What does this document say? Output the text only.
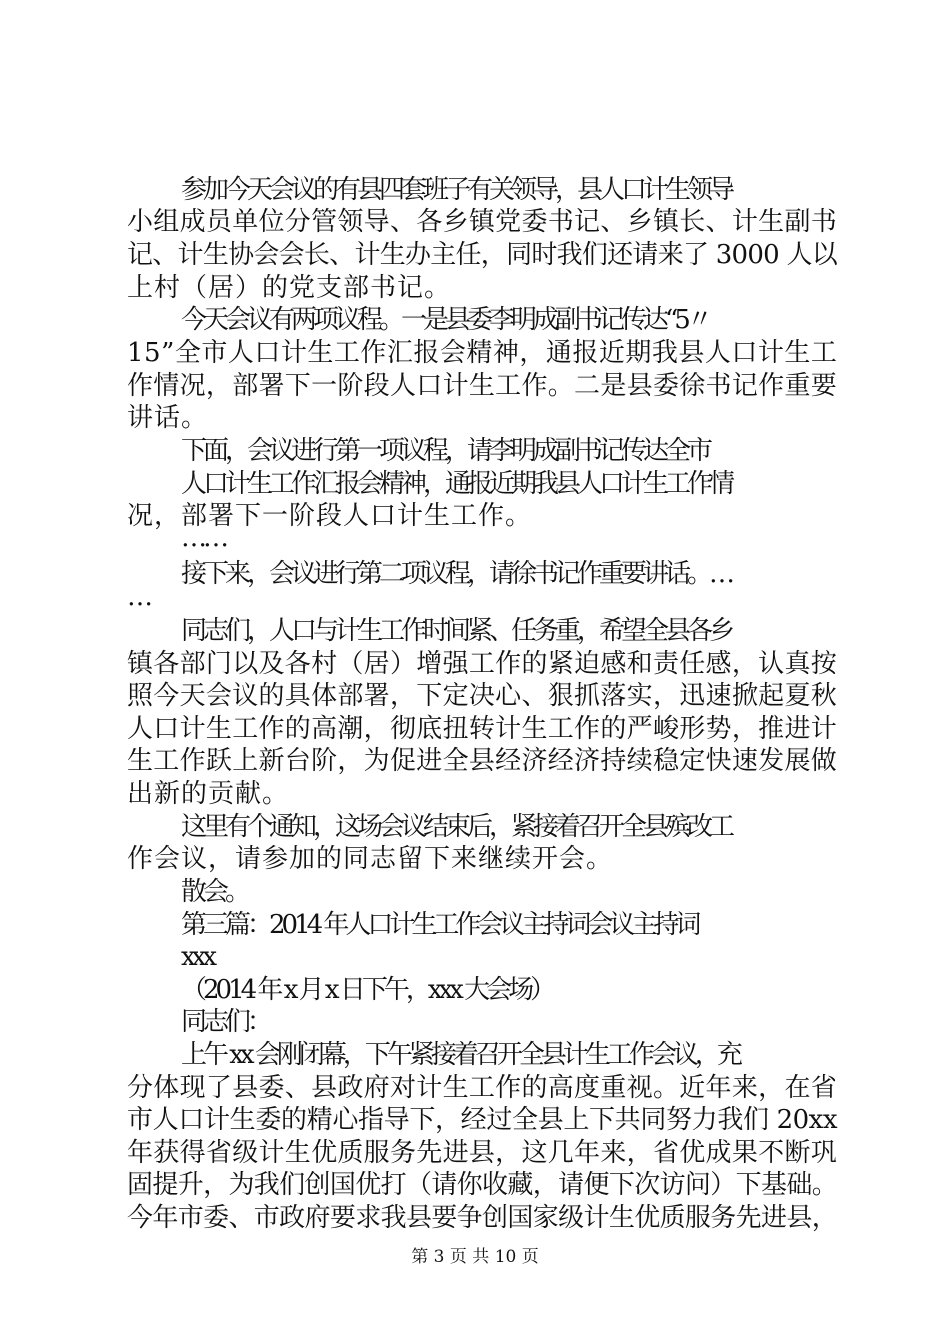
参加今天会议的有县四套班子有关领导，县人口计生领导
小组成员单位分管领导、各乡镇党委书记、乡镇长、计生副书
记、计生协会会长、计生办主任，同时我们还请来了 3000 人以
上村（居）的党支部书记。
今天会议有两项议程。一是县委李明成副书记传达“5〃
15”全市人口计生工作汇报会精神，通报近期我县人口计生工
作情况，部署下一阶段人口计生工作。二是县委徐书记作重要
讲话。
下面，会议进行第一项议程，请李明成副书记传达全市
人口计生工作汇报会精神，通报近期我县人口计生工作情
况，部署下一阶段人口计生工作。
……
接下来，会议进行第二项议程，请徐书记作重要讲话。…
…
同志们，人口与计生工作时间紧、任务重，希望全县各乡
镇各部门以及各村（居）增强工作的紧迫感和责任感，认真按
照今天会议的具体部署，下定决心、狠抓落实，迅速掀起夏秋
人口计生工作的高潮，彻底扭转计生工作的严峻形势，推进计
生工作跃上新台阶，为促进全县经济经济持续稳定快速发展做
出新的贡献。
这里有个通知，这场会议结束后，紧接着召开全县殡改工
作会议，请参加的同志留下来继续开会。
散会。
第三篇：2014 年人口计生工作会议主持词会议主持词
xxx
（2014 年 x 月 x 日下午，xxx 大会场）
同志们：
上午 xx 会刚闭幕，下午紧接着召开全县计生工作会议，充
分体现了县委、县政府对计生工作的高度重视。近年来，在省
市人口计生委的精心指导下，经过全县上下共同努力我们 20xx
年获得省级计生优质服务先进县，这几年来，省优成果不断巩
固提升，为我们创国优打（请你收藏，请便下次访问）下基础。
今年市委、市政府要求我县要争创国家级计生优质服务先进县，
第 3 页 共 10 页
